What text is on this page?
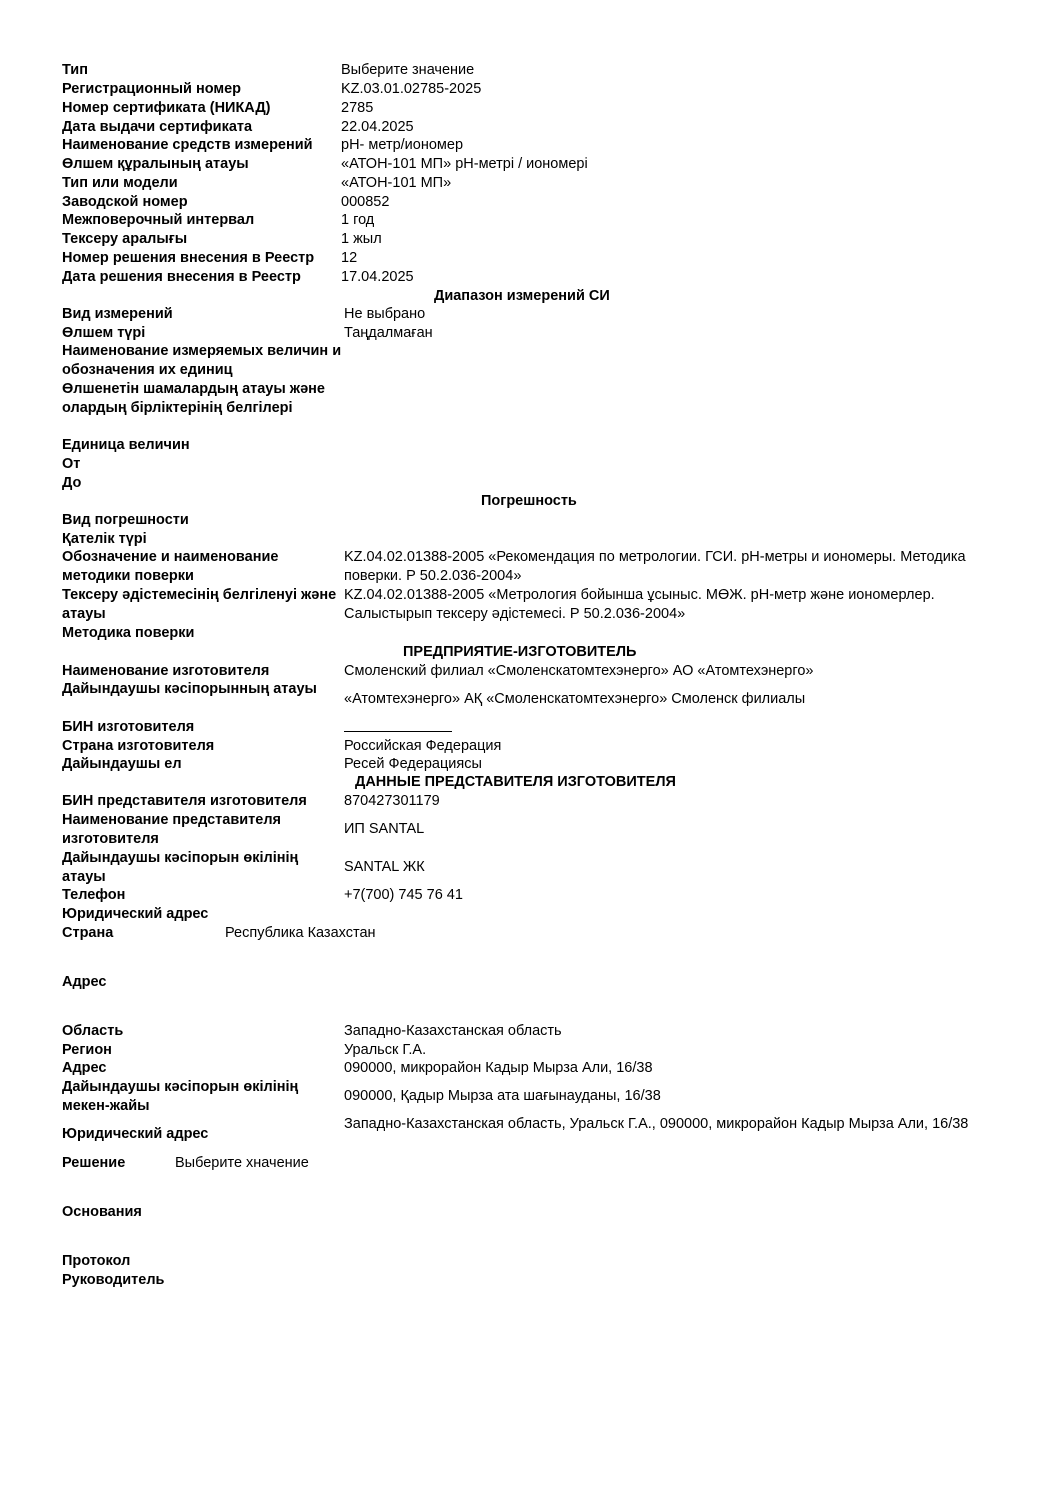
Тип	Выберите значение
Регистрационный номер	KZ.03.01.02785-2025
Номер сертификата (НИКАД)	2785
Дата выдачи сертификата	22.04.2025
Наименование средств измерений pH- метр/иономер
Өлшем құралының атауы	«АТОН-101 МП» pH-метрі / иономері
Тип или модели	«АТОН-101 МП»
Заводской номер	000852
Межповерочный интервал	1 год
Тексеру аралығы	1 жыл
Номер решения внесения в Реестр 12
Дата решения внесения в Реестр	17.04.2025
Диапазон измерений СИ
Вид измерений	Не выбрано
Өлшем түрі	Таңдалмаған
Наименование измеряемых величин и обозначения их единиц
Өлшенетін шамалардың атауы және олардың бірліктерінің белгілері
Единица величин
От
До
Погрешность
Вид погрешности
Қателік түрі
Обозначение и наименование методики поверки
KZ.04.02.01388-2005 «Рекомендация по метрологии. ГСИ. pH-метры и иономеры. Методика поверки. Р 50.2.036-2004»
Тексеру әдістемесінің белгіленуі және атауы
KZ.04.02.01388-2005 «Метрология бойынша ұсыныс. МӨЖ. pH-метр және иономерлер. Салыстырып тексеру әдістемесі. Р 50.2.036-2004»
Методика поверки
ПРЕДПРИЯТИЕ-ИЗГОТОВИТЕЛЬ
Наименование изготовителя	Смоленский филиал «Смоленскатомтехэнерго» АО «Атомтехэнерго»
Дайындаушы кәсіпорынның атауы
«Атомтехэнерго» АҚ «Смоленскатомтехэнерго» Смоленск филиалы
БИН изготовителя
Страна изготовителя	Российская Федерация
Дайындаушы ел	Ресей Федерациясы
ДАННЫЕ ПРЕДСТАВИТЕЛЯ ИЗГОТОВИТЕЛЯ
БИН представителя изготовителя	870427301179
Наименование представителя изготовителя
ИП SANTAL
Дайындаушы кәсіпорын өкілінің атауы
SANTAL ЖК
Телефон	+7(700) 745 76 41
Юридический адрес
Страна	Республика Казахстан
Адрес
Область	Западно-Казахстанская область
Регион	Уральск Г.А.
Адрес	090000, микрорайон Кадыр Мырза Али, 16/38
Дайындаушы кәсіпорын өкілінің мекен-жайы
090000, Қадыр Мырза ата шағынауданы, 16/38
Юридический адрес
Западно-Казахстанская область, Уральск Г.А., 090000, микрорайон Кадыр Мырза Али, 16/38
Решение	Выберите хначение
Основания
Протокол
Руководитель
